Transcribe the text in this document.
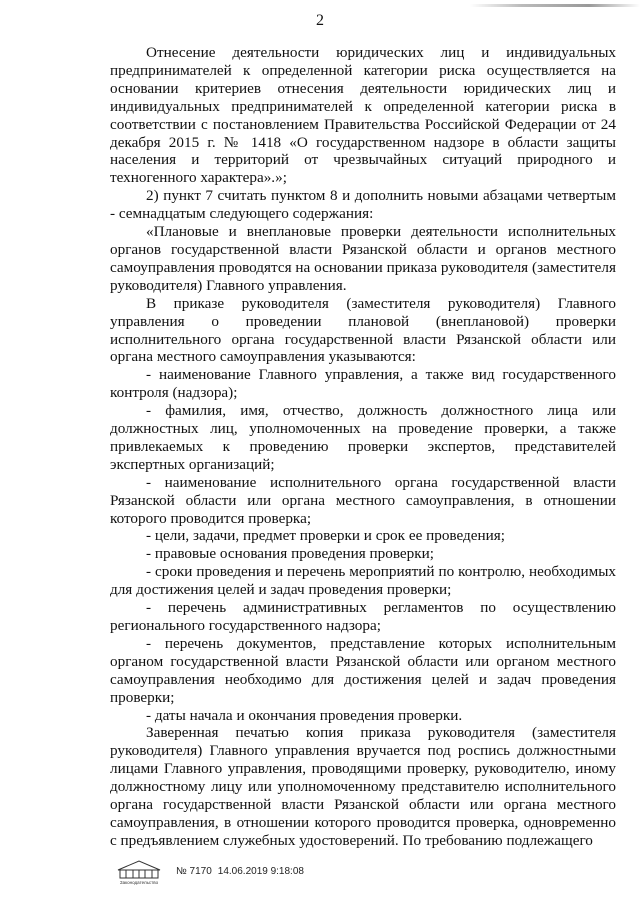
2

Отнесение деятельности юридических лиц и индивидуальных предпринимателей к определенной категории риска осуществляется на основании критериев отнесения деятельности юридических лиц и индивидуальных предпринимателей к определенной категории риска в соответствии с постановлением Правительства Российской Федерации от 24 декабря 2015 г. № 1418 «О государственном надзоре в области защиты населения и территорий от чрезвычайных ситуаций природного и техногенного характера».»;

2) пункт 7 считать пунктом 8 и дополнить новыми абзацами четвертым - семнадцатым следующего содержания:

«Плановые и внеплановые проверки деятельности исполнительных органов государственной власти Рязанской области и органов местного самоуправления проводятся на основании приказа руководителя (заместителя руководителя) Главного управления.

В приказе руководителя (заместителя руководителя) Главного управления о проведении плановой (внеплановой) проверки исполнительного органа государственной власти Рязанской области или органа местного самоуправления указываются:

- наименование Главного управления, а также вид государственного контроля (надзора);

- фамилия, имя, отчество, должность должностного лица или должностных лиц, уполномоченных на проведение проверки, а также привлекаемых к проведению проверки экспертов, представителей экспертных организаций;

- наименование исполнительного органа государственной власти Рязанской области или органа местного самоуправления, в отношении которого проводится проверка;

- цели, задачи, предмет проверки и срок ее проведения;

- правовые основания проведения проверки;

- сроки проведения и перечень мероприятий по контролю, необходимых для достижения целей и задач проведения проверки;

- перечень административных регламентов по осуществлению регионального государственного надзора;

- перечень документов, представление которых исполнительным органом государственной власти Рязанской области или органом местного самоуправления необходимо для достижения целей и задач проведения проверки;

- даты начала и окончания проведения проверки.

Заверенная печатью копия приказа руководителя (заместителя руководителя) Главного управления вручается под роспись должностными лицами Главного управления, проводящими проверку, руководителю, иному должностному лицу или уполномоченному представителю исполнительного органа государственной власти Рязанской области или органа местного самоуправления, в отношении которого проводится проверка, одновременно с предъявлением служебных удостоверений. По требованию подлежащего

Законодательство
№ 7170 14.06.2019 9:18:08
